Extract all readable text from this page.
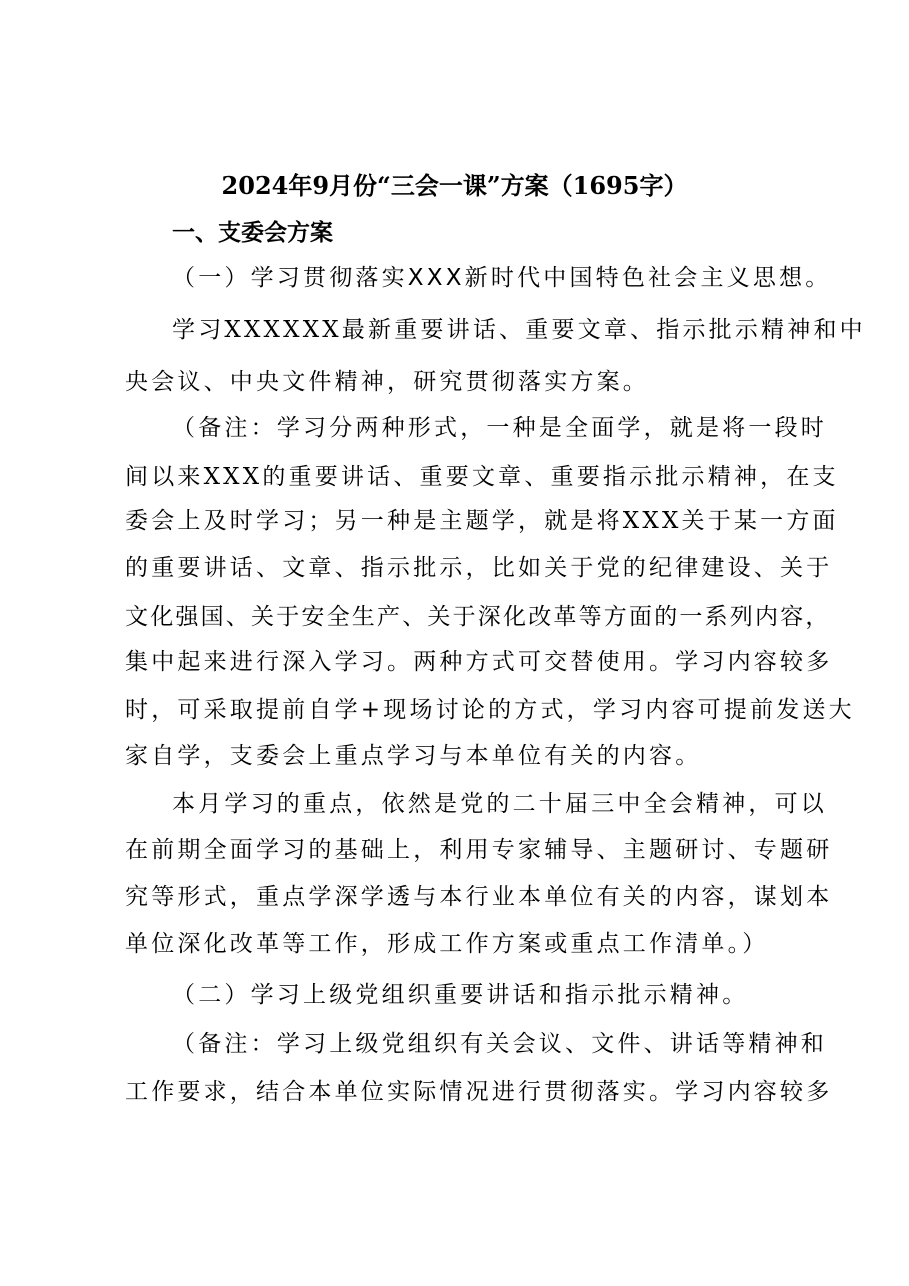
2024年9月份“三会一课”方案（1695字）
一、支委会方案
（一）学习贯彻落实XXX新时代中国特色社会主义思想。
学习XXXXXX最新重要讲话、重要文章、指示批示精神和中
央会议、中央文件精神，研究贯彻落实方案。
（备注：学习分两种形式，一种是全面学，就是将一段时
间以来XXX的重要讲话、重要文章、重要指示批示精神，在支
委会上及时学习；另一种是主题学，就是将XXX关于某一方面
的重要讲话、文章、指示批示，比如关于党的纪律建设、关于
文化强国、关于安全生产、关于深化改革等方面的一系列内容，
集中起来进行深入学习。两种方式可交替使用。学习内容较多
时，可采取提前自学+现场讨论的方式，学习内容可提前发送大
家自学，支委会上重点学习与本单位有关的内容。
本月学习的重点，依然是党的二十届三中全会精神，可以
在前期全面学习的基础上，利用专家辅导、主题研讨、专题研
究等形式，重点学深学透与本行业本单位有关的内容，谋划本
单位深化改革等工作，形成工作方案或重点工作清单。）
（二）学习上级党组织重要讲话和指示批示精神。
（备注：学习上级党组织有关会议、文件、讲话等精神和
工作要求，结合本单位实际情况进行贯彻落实。学习内容较多
